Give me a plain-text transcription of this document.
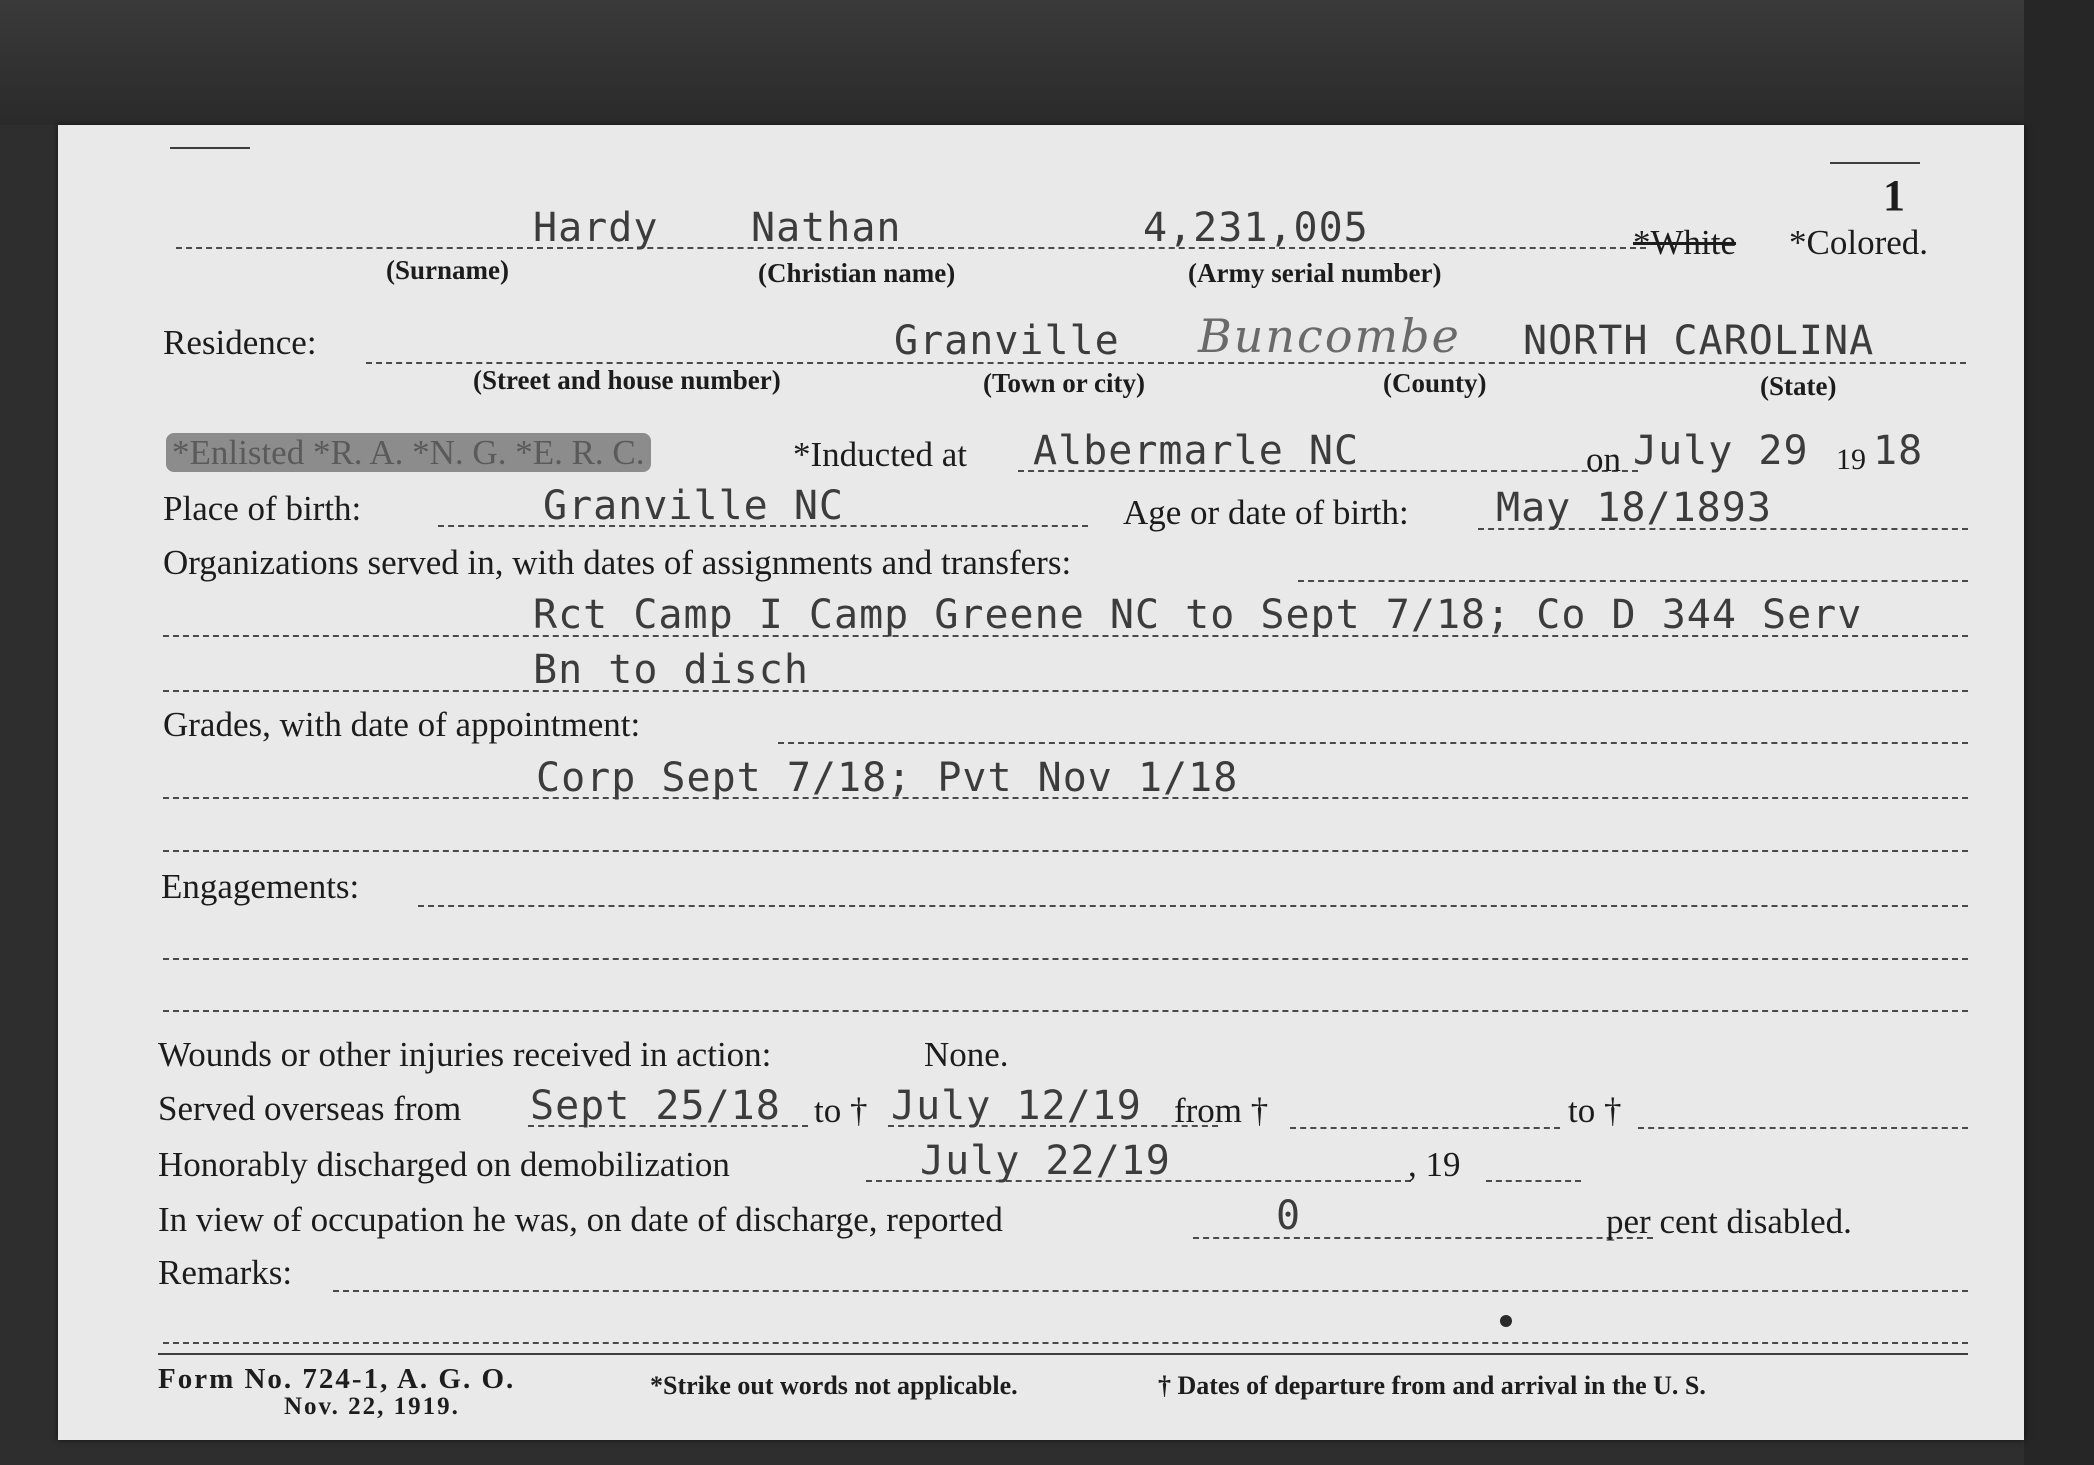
1
Hardy Nathan	4,231,005	*White *Colored.
(Surname)	(Christian name)	(Army serial number)
Residence:	Granville Buncombe NORTH CAROLINA
(Street and house number)	(Town or city)	(County)	(State)
*Enlisted *R. A. *N. G. *E. R. C.	*Inducted at Albermarle NC	on July 29 19 18
Place of birth:	Granville NC	Age or date of birth: May 18/1893
Organizations served in, with dates of assignments and transfers:
Rct Camp I Camp Greene NC to Sept 7/18; Co D 344 Serv
Bn to disch
Grades, with date of appointment:
Corp Sept 7/18; Pvt Nov 1/18
Engagements:
Wounds or other injuries received in action:	None.
Served overseas from Sept 25/18 to † July 12/19 from †	to †
Honorably discharged on demobilization	July 22/19	, 19
In view of occupation he was, on date of discharge, reported	0	per cent disabled.
Remarks:
Form No. 724-1, A. G. O.
Nov. 22, 1919.
*Strike out words not applicable.	† Dates of departure from and arrival in the U. S.
